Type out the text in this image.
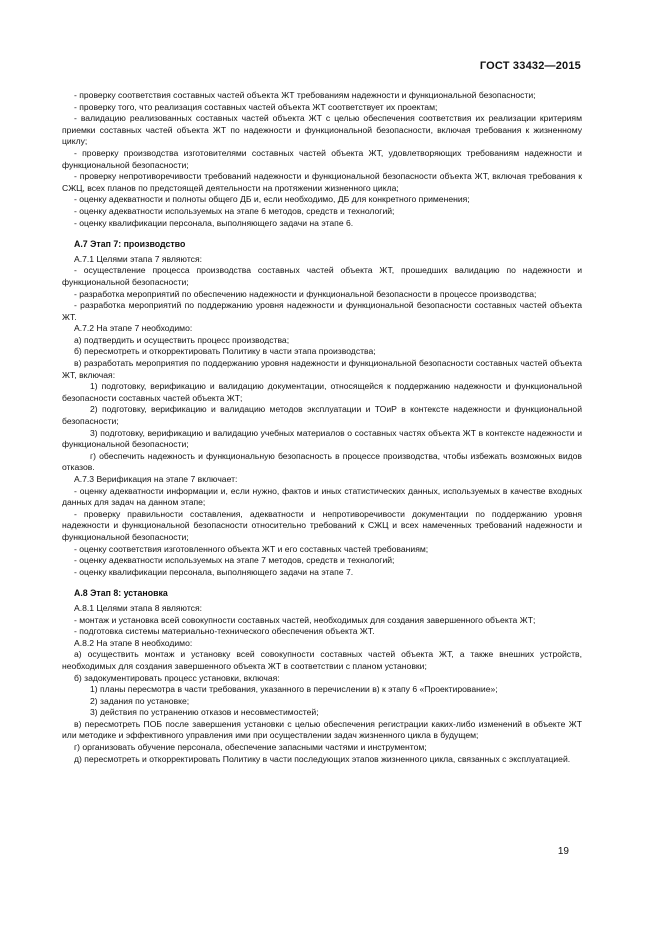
ГОСТ 33432—2015

- проверку соответствия составных частей объекта ЖТ требованиям надежности и функциональной безопасности;

- проверку того, что реализация составных частей объекта ЖТ соответствует их проектам;

- валидацию реализованных составных частей объекта ЖТ с целью обеспечения соответствия их реализации критериям приемки составных частей объекта ЖТ по надежности и функциональной безопасности, включая требования к жизненному циклу;

- проверку производства изготовителями составных частей объекта ЖТ, удовлетворяющих требованиям надежности и функциональной безопасности;

- проверку непротиворечивости требований надежности и функциональной безопасности объекта ЖТ, включая требования к СЖЦ, всех планов по предстоящей деятельности на протяжении жизненного цикла;

- оценку адекватности и полноты общего ДБ и, если необходимо, ДБ для конкретного применения;

- оценку адекватности используемых на этапе 6 методов, средств и технологий;

- оценку квалификации персонала, выполняющего задачи на этапе 6.

А.7 Этап 7: производство

А.7.1 Целями этапа 7 являются:

- осуществление процесса производства составных частей объекта ЖТ, прошедших валидацию по надежности и функциональной безопасности;

- разработка мероприятий по обеспечению надежности и функциональной безопасности в процессе производства;

- разработка мероприятий по поддержанию уровня надежности и функциональной безопасности составных частей объекта ЖТ.

А.7.2 На этапе 7 необходимо:

а) подтвердить и осуществить процесс производства;

б) пересмотреть и откорректировать Политику в части этапа производства;

в) разработать мероприятия по поддержанию уровня надежности и функциональной безопасности составных частей объекта ЖТ, включая:

1) подготовку, верификацию и валидацию документации, относящейся к поддержанию надежности и функциональной безопасности составных частей объекта ЖТ;

2) подготовку, верификацию и валидацию методов эксплуатации и ТОиР в контексте надежности и функциональной безопасности;

3) подготовку, верификацию и валидацию учебных материалов о составных частях объекта ЖТ в контексте надежности и функциональной безопасности;

г) обеспечить надежность и функциональную безопасность в процессе производства, чтобы избежать возможных видов отказов.

А.7.3 Верификация на этапе 7 включает:

- оценку адекватности информации и, если нужно, фактов и иных статистических данных, используемых в качестве входных данных для задач на данном этапе;

- проверку правильности составления, адекватности и непротиворечивости документации по поддержанию уровня надежности и функциональной безопасности относительно требований к СЖЦ и всех намеченных требований надежности и функциональной безопасности;

- оценку соответствия изготовленного объекта ЖТ и его составных частей требованиям;

- оценку адекватности используемых на этапе 7 методов, средств и технологий;

- оценку квалификации персонала, выполняющего задачи на этапе 7.

А.8 Этап 8: установка

А.8.1 Целями этапа 8 являются:

- монтаж и установка всей совокупности составных частей, необходимых для создания завершенного объекта ЖТ;

- подготовка системы материально-технического обеспечения объекта ЖТ.

А.8.2 На этапе 8 необходимо:

а) осуществить монтаж и установку всей совокупности составных частей объекта ЖТ, а также внешних устройств, необходимых для создания завершенного объекта ЖТ в соответствии с планом установки;

б) задокументировать процесс установки, включая:

1) планы пересмотра в части требования, указанного в перечислении в) к этапу 6 «Проектирование»;

2) задания по установке;

3) действия по устранению отказов и несовместимостей;

в) пересмотреть ПОБ после завершения установки с целью обеспечения регистрации каких-либо изменений в объекте ЖТ или методике и эффективного управления ими при осуществлении задач жизненного цикла в будущем;

г) организовать обучение персонала, обеспечение запасными частями и инструментом;

д) пересмотреть и откорректировать Политику в части последующих этапов жизненного цикла, связанных с эксплуатацией.

19
